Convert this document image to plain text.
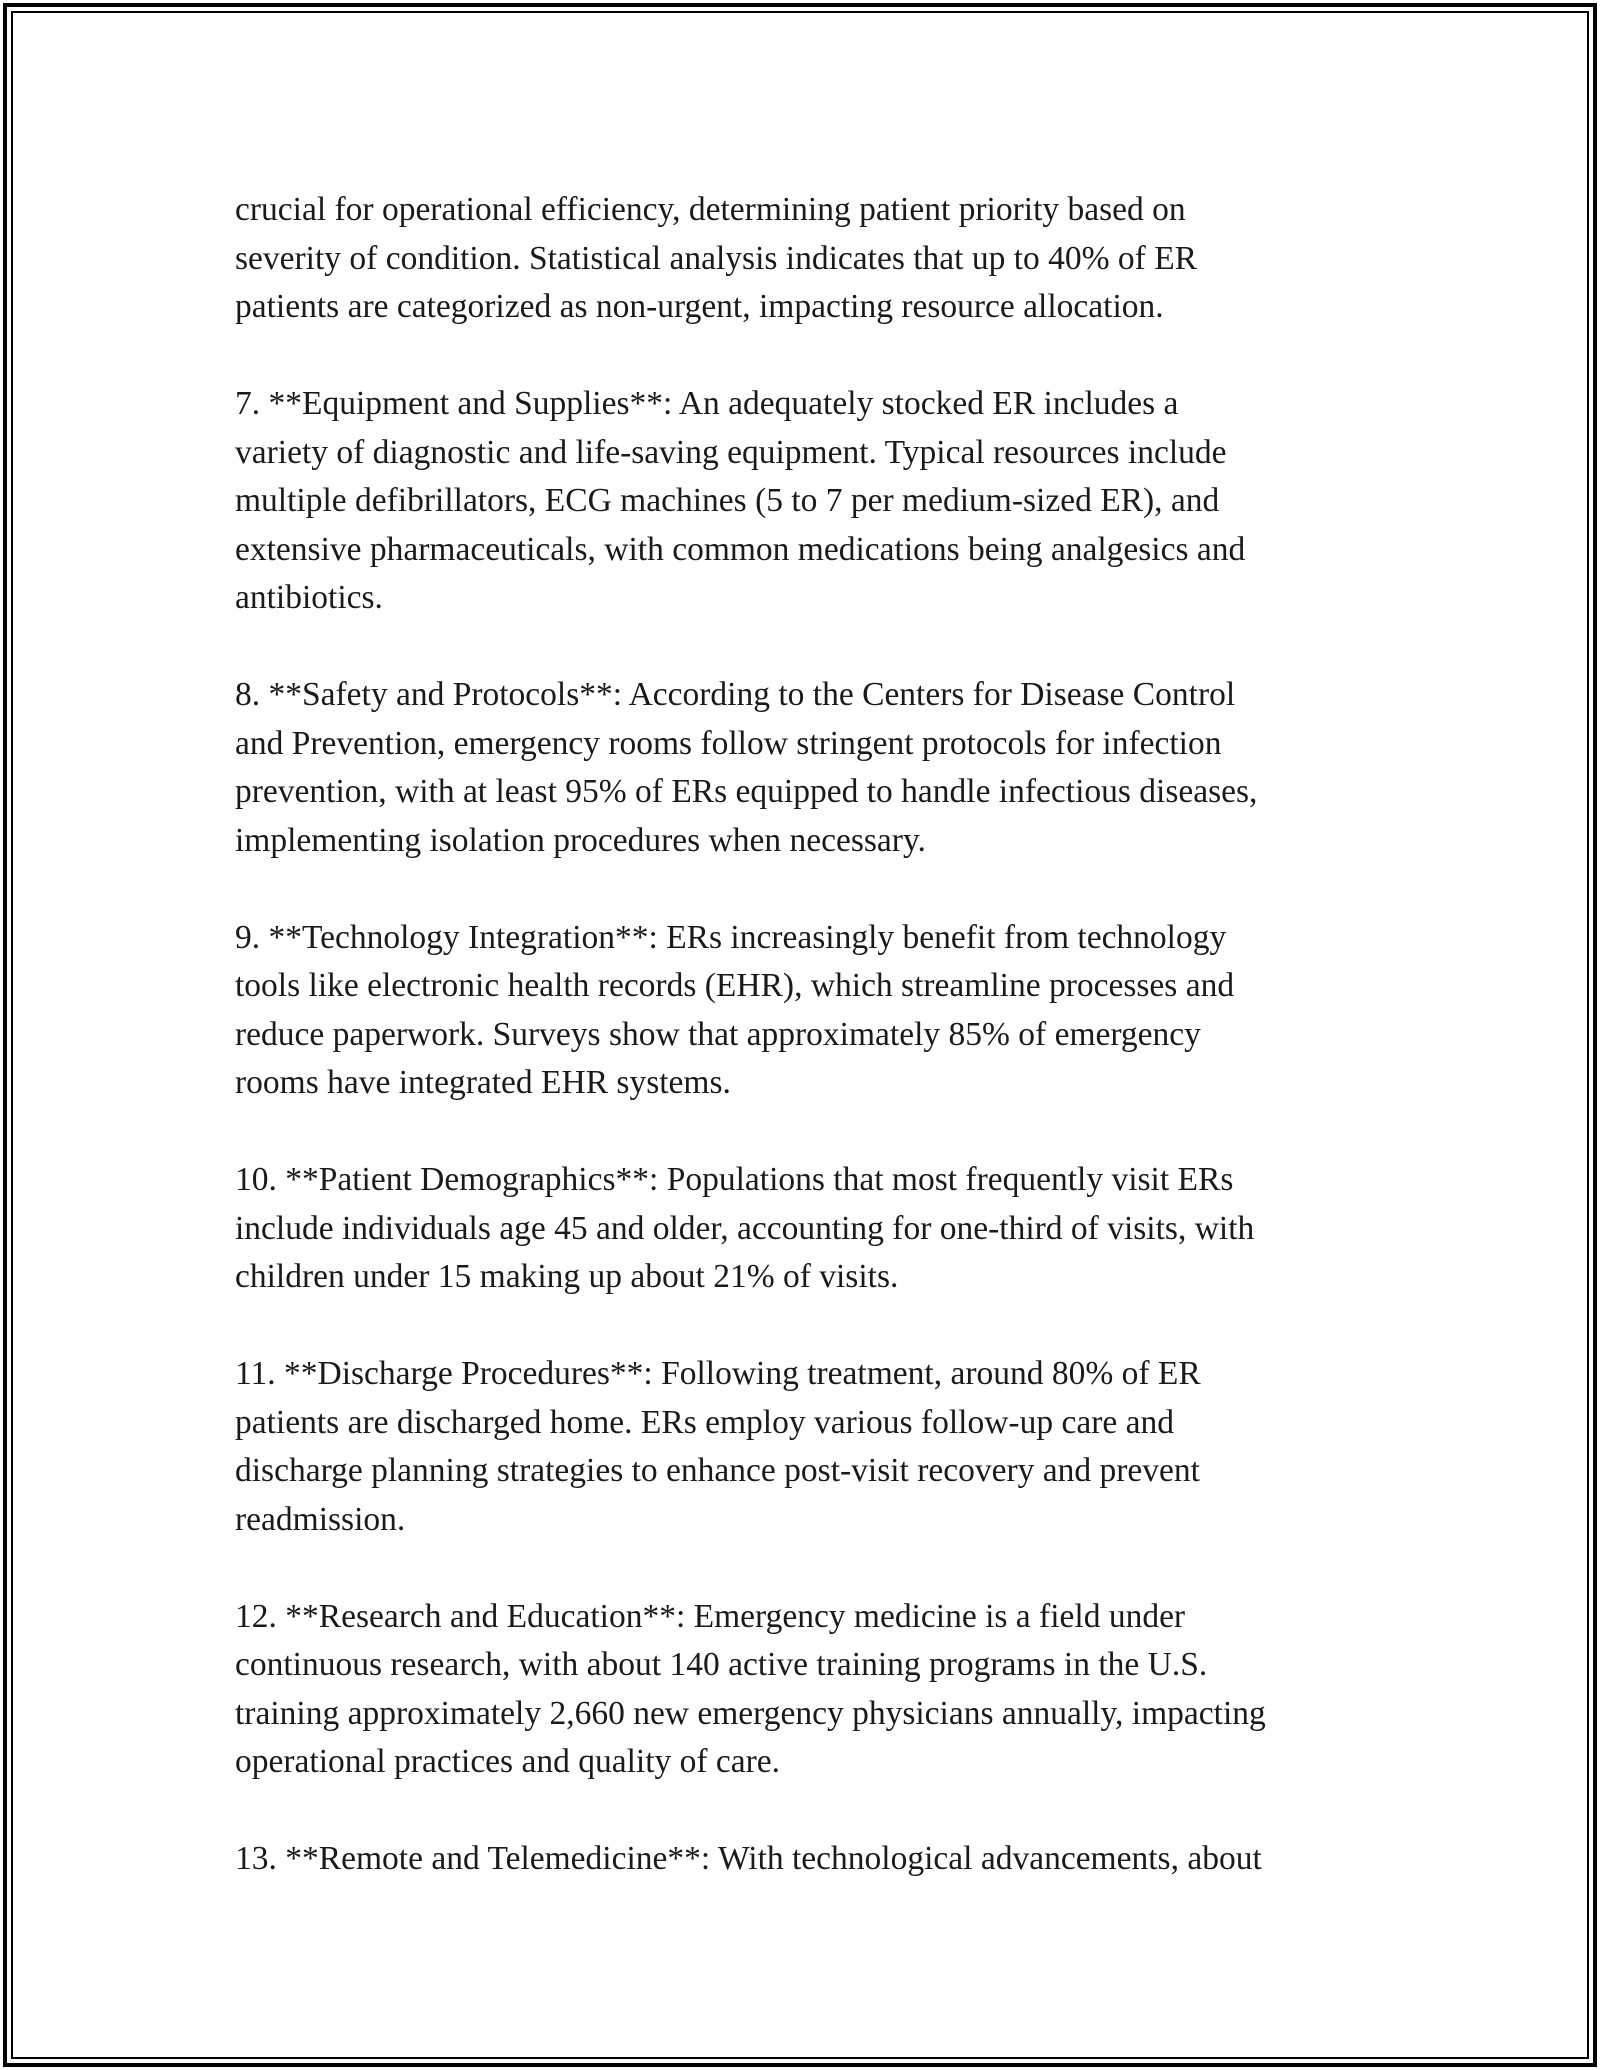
crucial for operational efficiency, determining patient priority based on
severity of condition. Statistical analysis indicates that up to 40% of ER
patients are categorized as non-urgent, impacting resource allocation.

7. **Equipment and Supplies**: An adequately stocked ER includes a
variety of diagnostic and life-saving equipment. Typical resources include
multiple defibrillators, ECG machines (5 to 7 per medium-sized ER), and
extensive pharmaceuticals, with common medications being analgesics and
antibiotics.

8. **Safety and Protocols**: According to the Centers for Disease Control
and Prevention, emergency rooms follow stringent protocols for infection
prevention, with at least 95% of ERs equipped to handle infectious diseases,
implementing isolation procedures when necessary.

9. **Technology Integration**: ERs increasingly benefit from technology
tools like electronic health records (EHR), which streamline processes and
reduce paperwork. Surveys show that approximately 85% of emergency
rooms have integrated EHR systems.

10. **Patient Demographics**: Populations that most frequently visit ERs
include individuals age 45 and older, accounting for one-third of visits, with
children under 15 making up about 21% of visits.

11. **Discharge Procedures**: Following treatment, around 80% of ER
patients are discharged home. ERs employ various follow-up care and
discharge planning strategies to enhance post-visit recovery and prevent
readmission.

12. **Research and Education**: Emergency medicine is a field under
continuous research, with about 140 active training programs in the U.S.
training approximately 2,660 new emergency physicians annually, impacting
operational practices and quality of care.

13. **Remote and Telemedicine**: With technological advancements, about
